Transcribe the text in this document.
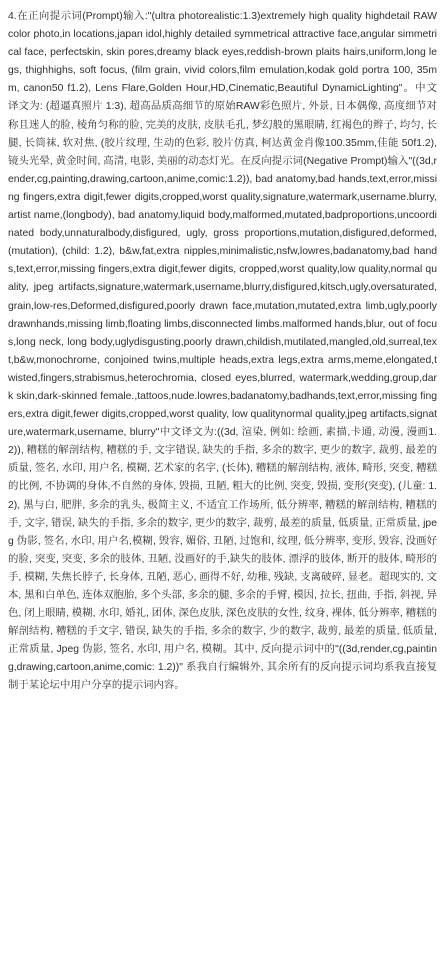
4.在正向提示词(Prompt)输入:"(ultra photorealistic:1.3)extremely high quality highdetail RAW color photo,in locations,japan idol,highly detailed symmetrical attractive face,angular simmetrical face, perfectskin, skin pores,dreamy black eyes,reddish-brown plaits hairs,uniform,long legs, thighhighs, soft focus, (film grain, vivid colors,film emulation,kodak gold portra 100, 35mm, canon50 f1.2), Lens Flare,Golden Hour,HD,Cinematic,Beautiful DynamicLighting"。中文译文为: (超逼真照片 1:3), 超高品质高细节的原始RAW彩色照片, 外景, 日本偶像, 高度细节对称且迷人的脸, 棱角匀称的脸, 完美的皮肤, 皮肤毛孔, 梦幻般的黑眼睛, 红褐色的辫子, 均匀, 长腿, 长筒袜, 软对焦, (胶片纹理, 生动的色彩, 胶片仿真, 柯达黄金肖像100.35mm,佳能 50f1.2), 镜头光晕, 黄金时间, 高清, 电影, 美丽的动态灯光。在反向提示词(Negative Prompt)输入"((3d,render,cg,painting,drawing,cartoon,anime,comic:1.2)), bad anatomy,bad hands,text,error,missing fingers,extra digit,fewer digits,cropped,worst quality,signature,watermark,username.blurry,artist name,(longbody), bad anatomy,liquid body,malformed,mutated,badproportions,uncoordinated body,unnaturalbody,disfigured, ugly, gross proportions,mutation,disfigured,deformed,(mutation), (child: 1.2), b&w,fat,extra nipples,minimalistic,nsfw,lowres,badanatomy,bad hands,text,error,missing fingers,extra digit,fewer digits, cropped,worst quality,low quality,normal quality, jpeg artifacts,signature,watermark,username,blurry,disfigured,kitsch,ugly,oversaturated, grain,low-res,Deformed,disfigured,poorly drawn face,mutation,mutated,extra limb,ugly,poorly drawnhands,missing limb,floating limbs,disconnected limbs.malformed hands,blur, out of focus,long neck, long body,uglydisgusting,poorly drawn,childish,mutilated,mangled,old,surreal,text,b&w,monochrome, conjoined twins,multiple heads,extra legs,extra arms,meme,elongated,twisted,fingers,strabismus,heterochromia, closed eyes,blurred, watermark,wedding,group,dark skin,dark-skinned female.,tattoos,nude.lowres,badanatomy,badhands,text,error,missing fingers,extra digit,fewer digits,cropped,worst quality, low qualitynormal quality,jpeg artifacts,signature,watermark,username, blurry"中文译文为:((3d, 渲染, 例如: 绘画, 素描,卡通, 动漫, 漫画1.2)), 糟糕的解剖结构, 糟糕的手, 文字错误, 缺失的手指, 多余的数字, 更少的数字, 裁剪, 最差的质量, 签名, 水印, 用户名, 模糊, 艺术家的名字, (长体), 糟糕的解剖结构, 液体, 畸形, 突变, 糟糕的比例, 不协调的身体,不自然的身体, 毁损, 丑陋, 粗大的比例, 突变, 毁损, 变形(突变), (儿童: 1.2), 黑与白, 肥胖, 多余的乳头, 极简主义, 不适宜工作场所, 低分辨率, 糟糕的解剖结构, 糟糕的手, 文字, 错误, 缺失的手指, 多余的数字, 更少的数字, 裁剪, 最差的质量, 低质量, 正常质量, jpeg 伪影, 签名, 水印, 用户名,模糊, 毁容, 媚俗, 丑陋, 过饱和, 纹理, 低分辨率, 变形, 毁容, 没画好的脸, 突变, 突变, 多余的肢体, 丑陋, 没画好的手,缺失的肢体, 漂浮的肢体, 断开的肢体, 畸形的手, 模糊, 失焦长脖子, 长身体, 丑陋, 恶心, 画得不好, 幼稚, 残缺, 支离破碎, 显老。超现实的, 文本, 黑和白单色, 连体双胞胎, 多个头部, 多余的腿, 多余的手臂, 模因, 拉长, 扭曲, 手指, 斜视, 异色, 闭上眼睛, 模糊, 水印, 婚礼, 团体, 深色皮肤, 深色皮肤的女性, 纹身, 裸体, 低分辨率, 糟糕的解剖结构, 糟糕的手文字, 错误, 缺失的手指, 多余的数字, 少的数字, 裁剪, 最差的质量, 低质量, 正常质量, Jpeg 伪影, 签名, 水印, 用户名, 模糊。其中, 反向提示词中的"((3d,render,cg,painting,drawing,cartoon,anime,comic: 1.2))" 系我自行编辑外, 其余所有的反向提示词均系我直接复制于某论坛中用户分享的提示词内容。
